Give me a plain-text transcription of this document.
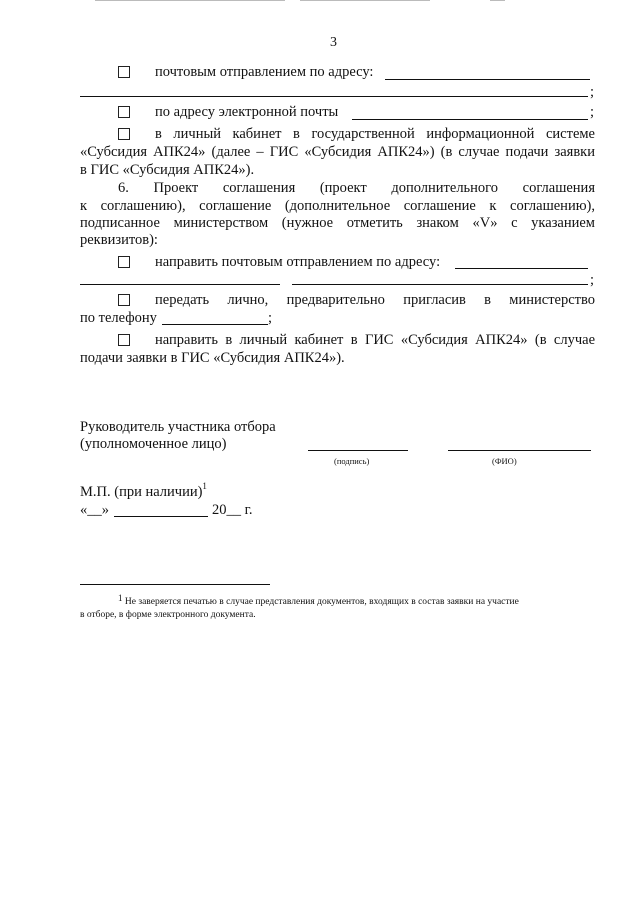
3
почтовым отправлением по адресу:
;
по адресу электронной почты	;
в личный кабинет в государственной информационной системе
«Субсидия АПК24» (далее – ГИС «Субсидия АПК24») (в случае подачи заявки
в ГИС «Субсидия АПК24»).
6. Проект соглашения (проект дополнительного соглашения
к соглашению), соглашение (дополнительное соглашение к соглашению),
подписанное министерством (нужное отметить знаком «V» с указанием
реквизитов):
направить почтовым отправлением по адресу:
;
передать лично, предварительно пригласив в министерство
по телефону	;
направить в личный кабинет в ГИС «Субсидия АПК24» (в случае
подачи заявки в ГИС «Субсидия АПК24»).
Руководитель участника отбора
(уполномоченное лицо)
(подпись)	(ФИО)
М.П. (при наличии)$^1$
«__»	20__ г.
$^1$ Не заверяется печатью в случае представления документов, входящих в состав заявки на участие
в отборе, в форме электронного документа.
